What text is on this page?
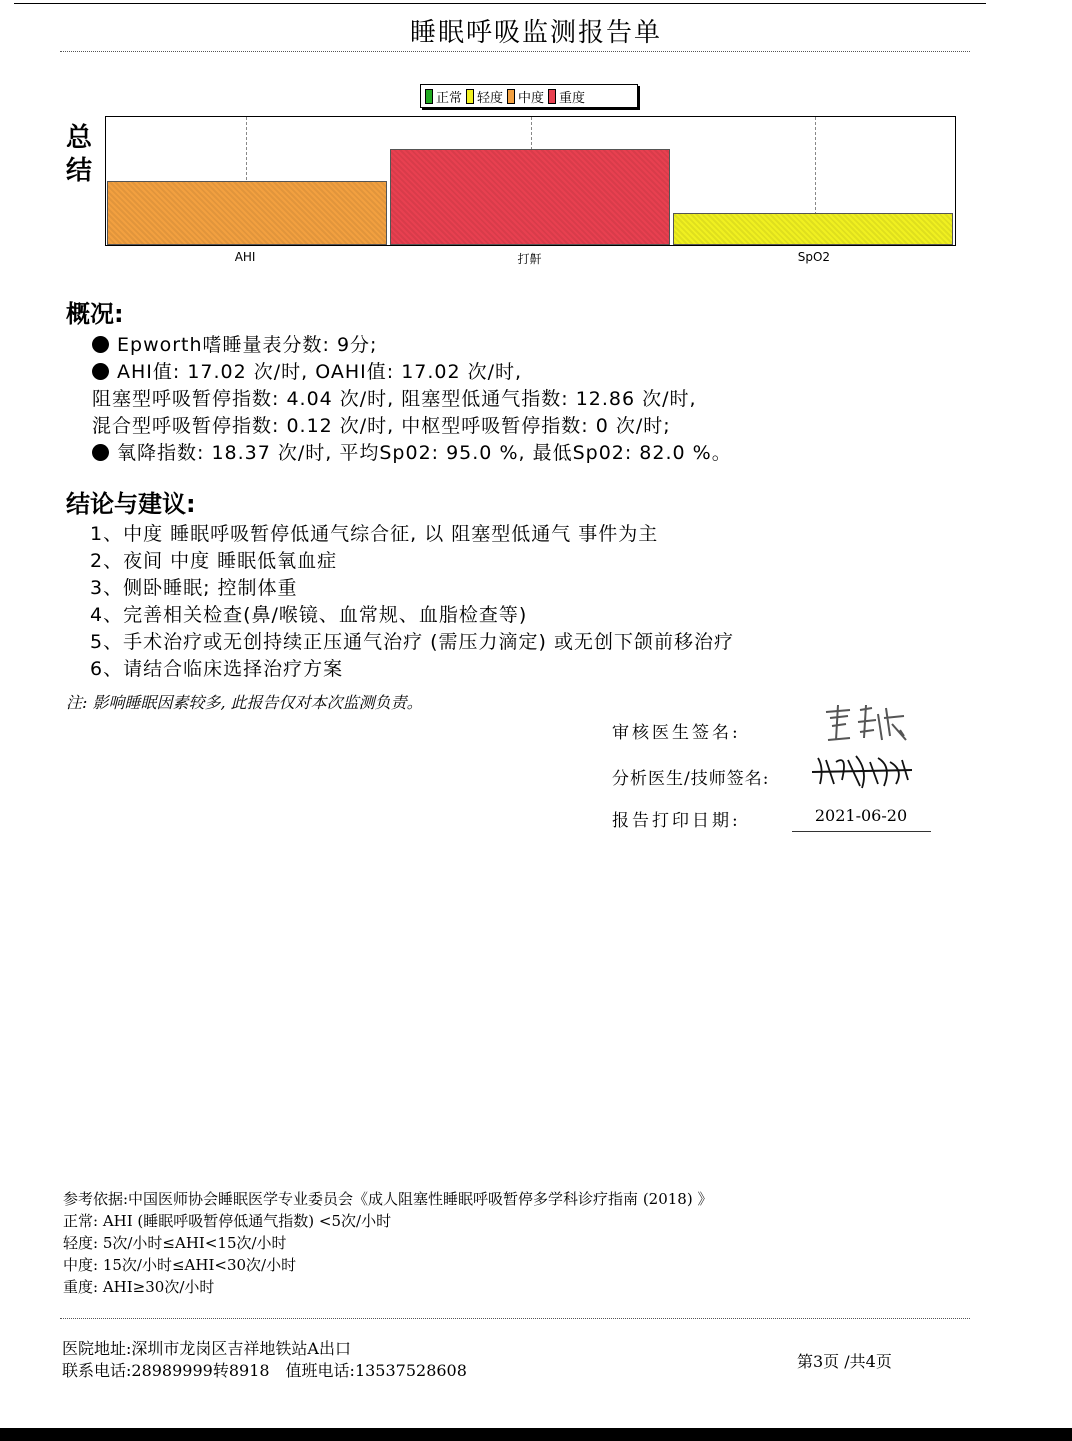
睡眠呼吸监测报告单
正常 轻度 中度 重度
总
结
AHI	打鼾	SpO2
概况:
Epworth嗜睡量表分数: 9分;
AHI值: 17.02 次/时, OAHI值: 17.02 次/时,
阻塞型呼吸暂停指数: 4.04 次/时, 阻塞型低通气指数: 12.86 次/时,
混合型呼吸暂停指数: 0.12 次/时, 中枢型呼吸暂停指数: 0 次/时;
氧降指数: 18.37 次/时, 平均Sp02: 95.0 %, 最低Sp02: 82.0 %。
结论与建议:
1、中度 睡眠呼吸暂停低通气综合征, 以 阻塞型低通气 事件为主
2、夜间 中度 睡眠低氧血症
3、侧卧睡眠; 控制体重
4、完善相关检查(鼻/喉镜、血常规、血脂检查等)
5、手术治疗或无创持续正压通气治疗 (需压力滴定) 或无创下颌前移治疗
6、请结合临床选择治疗方案
注: 影响睡眠因素较多, 此报告仅对本次监测负责。
审核医生签名:
分析医生/技师签名:
报告打印日期:	2021-06-20
参考依据:中国医师协会睡眠医学专业委员会《成人阻塞性睡眠呼吸暂停多学科诊疗指南 (2018) 》
正常: AHI (睡眠呼吸暂停低通气指数) <5次/小时
轻度: 5次/小时≤AHI<15次/小时
中度: 15次/小时≤AHI<30次/小时
重度: AHI≥30次/小时
医院地址:深圳市龙岗区吉祥地铁站A出口
联系电话:28989999转8918　值班电话:13537528608	第3页 /共4页
